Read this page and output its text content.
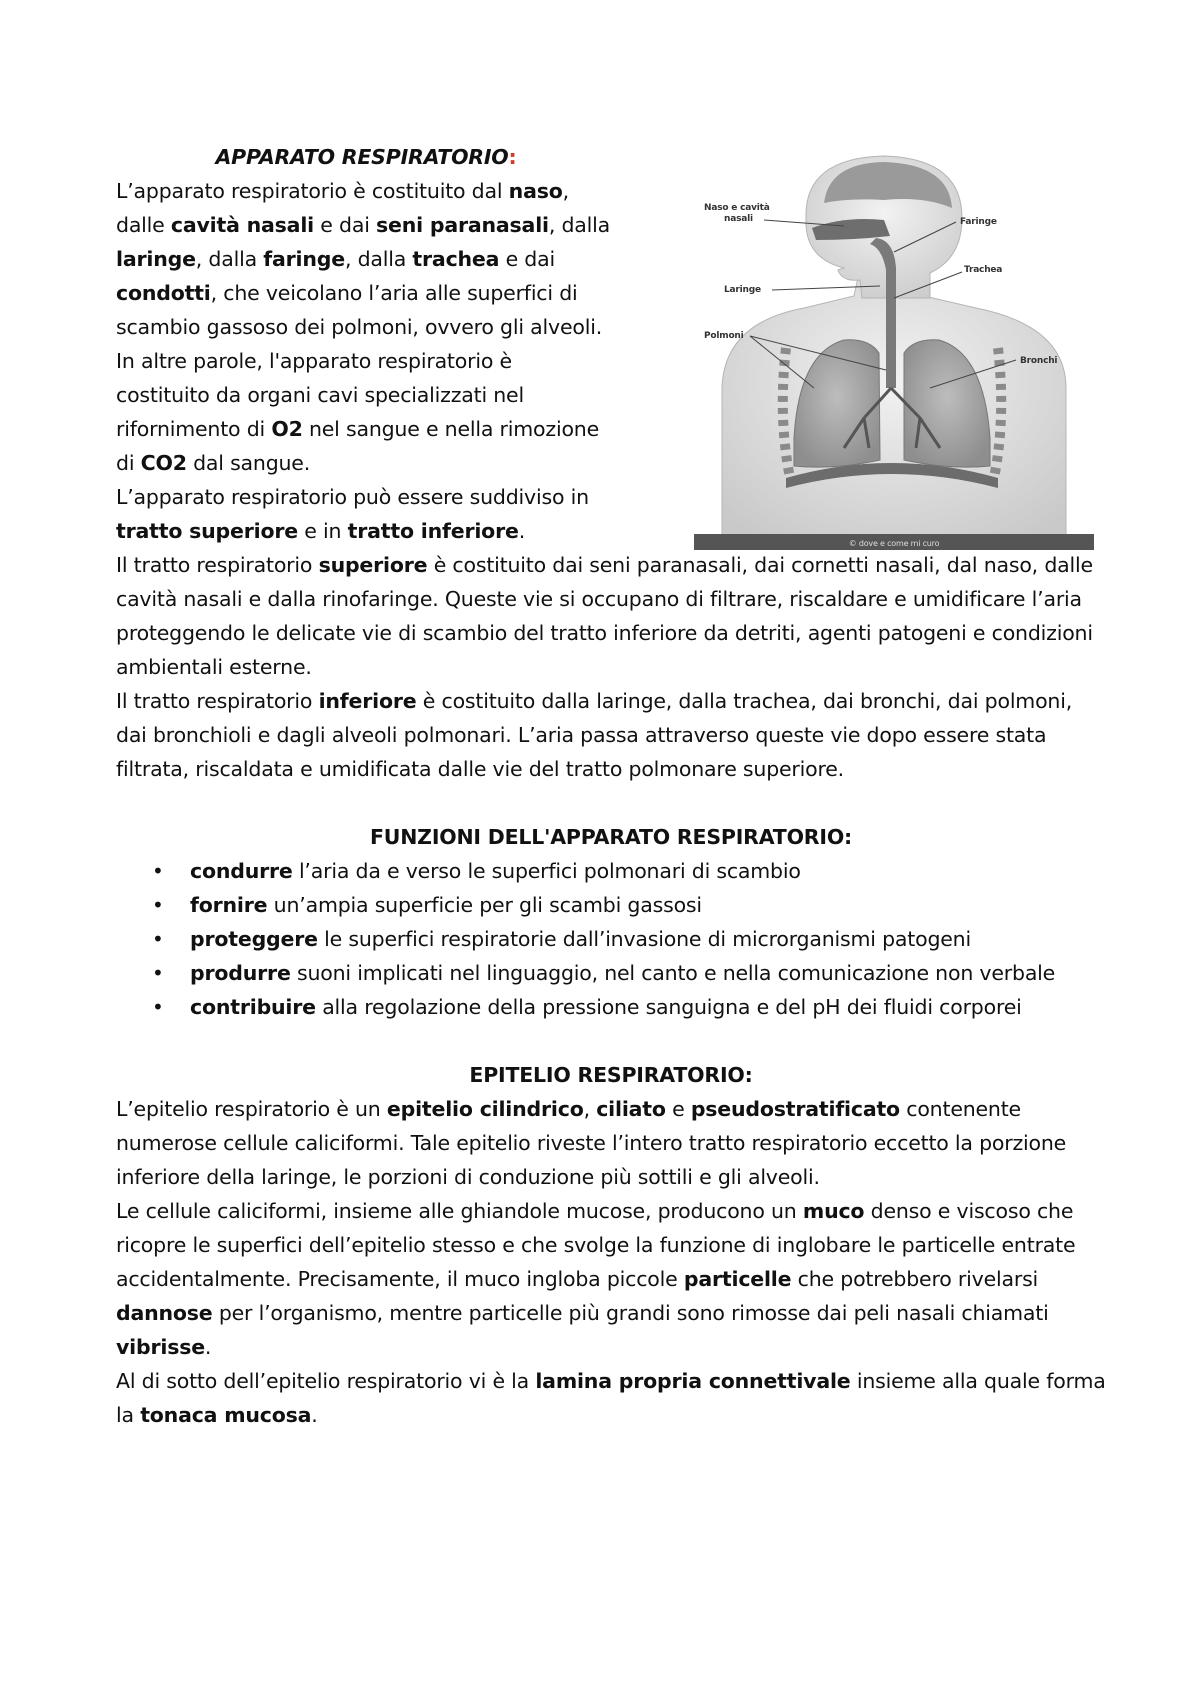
APPARATO RESPIRATORIO:

L’apparato respiratorio è costituito dal naso,
dalle cavità nasali e dai seni paranasali, dalla
laringe, dalla faringe, dalla trachea e dai
condotti, che veicolano l’aria alle superfici di
scambio gassoso dei polmoni, ovvero gli alveoli.
In altre parole, l'apparato respiratorio è
costituito da organi cavi specializzati nel
rifornimento di O2 nel sangue e nella rimozione
di CO2 dal sangue.
L’apparato respiratorio può essere suddiviso in
tratto superiore e in tratto inferiore.

Naso e cavità nasali	Faringe
Trachea
Laringe
Polmoni
Bronchi
© dove e come mi curo

Il tratto respiratorio superiore è costituito dai seni paranasali, dai cornetti nasali, dal naso, dalle cavità nasali e dalla rinofaringe. Queste vie si occupano di filtrare, riscaldare e umidificare l’aria proteggendo le delicate vie di scambio del tratto inferiore da detriti, agenti patogeni e condizioni ambientali esterne.

Il tratto respiratorio inferiore è costituito dalla laringe, dalla trachea, dai bronchi, dai polmoni, dai bronchioli e dagli alveoli polmonari. L’aria passa attraverso queste vie dopo essere stata filtrata, riscaldata e umidificata dalle vie del tratto polmonare superiore.

FUNZIONI DELL'APPARATO RESPIRATORIO:

• condurre l’aria da e verso le superfici polmonari di scambio
• fornire un’ampia superficie per gli scambi gassosi
• proteggere le superfici respiratorie dall’invasione di microrganismi patogeni
• produrre suoni implicati nel linguaggio, nel canto e nella comunicazione non verbale
• contribuire alla regolazione della pressione sanguigna e del pH dei fluidi corporei

EPITELIO RESPIRATORIO:

L’epitelio respiratorio è un epitelio cilindrico, ciliato e pseudostratificato contenente numerose cellule caliciformi. Tale epitelio riveste l’intero tratto respiratorio eccetto la porzione inferiore della laringe, le porzioni di conduzione più sottili e gli alveoli.

Le cellule caliciformi, insieme alle ghiandole mucose, producono un muco denso e viscoso che ricopre le superfici dell’epitelio stesso e che svolge la funzione di inglobare le particelle entrate accidentalmente. Precisamente, il muco ingloba piccole particelle che potrebbero rivelarsi dannose per l’organismo, mentre particelle più grandi sono rimosse dai peli nasali chiamati vibrisse.

Al di sotto dell’epitelio respiratorio vi è la lamina propria connettivale insieme alla quale forma la tonaca mucosa.
